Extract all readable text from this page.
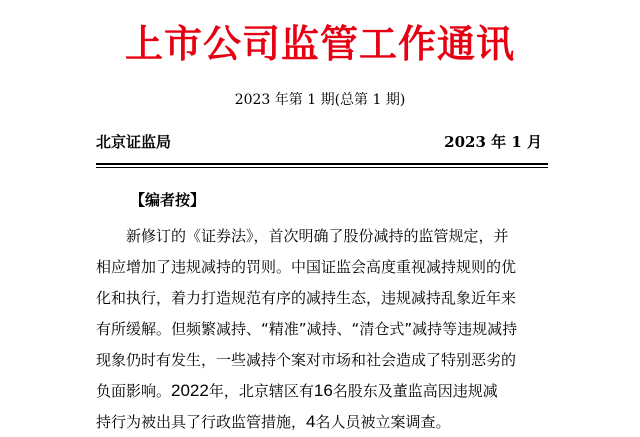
上市公司监管工作通讯
2023 年第 1 期(总第 1 期)
北京证监局	2023 年 1 月
【编者按】
　　新修订的《证券法》，首次明确了股份减持的监管规定，并
相应增加了违规减持的罚则。中国证监会高度重视减持规则的优
化和执行，着力打造规范有序的减持生态，违规减持乱象近年来
有所缓解。但频繁减持、“精准”减持、“清仓式”减持等违规减持
现象仍时有发生，一些减持个案对市场和社会造成了特别恶劣的
负面影响。2022年，北京辖区有16名股东及董监高因违规减
持行为被出具了行政监管措施，4名人员被立案调查。
